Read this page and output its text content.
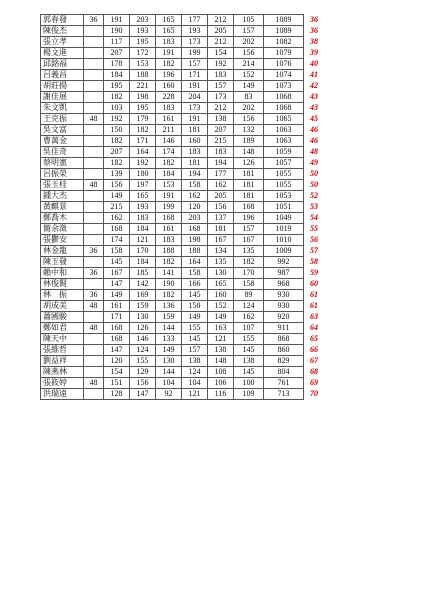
郭春發	36	191	203	165	177	212	105	1089	36
陳俊杰		190	193	165	193	205	157	1089	36
張立孝		117	195	183	173	212	202	1082	38
楊文進		207	172	191	199	154	156	1079	39
邱銘福		178	153	182	157	192	214	1076	40
呂義昌		184	188	196	171	183	152	1074	41
胡莊揚		195	221	160	191	157	149	1073	42
謝佳展		182	198	228	204	173	83	1068	43
朱文凱		103	195	183	173	212	202	1068	43
王克振	48	192	179	161	191	138	156	1065	45
吳文富		150	182	211	181	207	132	1063	46
曹萬金		182	171	146	160	215	189	1063	46
吳佳奇		207	164	174	183	183	148	1059	48
蔡明憲		182	192	182	181	194	126	1057	49
呂振榮		139	180	184	194	177	181	1055	50
張玉桂	48	156	197	153	158	162	181	1055	50
鍾大杰		149	165	191	162	205	181	1053	52
黃麒景		215	193	199	120	156	168	1051	53
鄭喬木		162	183	168	203	137	196	1049	54
簡余澂		168	184	161	168	181	157	1019	55
張鬱安		174	121	183	198	167	167	1010	56
林金龍	36	158	170	188	188	134	135	1009	57
陳玉發		145	184	182	164	135	182	992	58
賴中和	36	167	185	141	158	130	170	987	59
林俊賢		147	142	190	166	165	158	968	60
林　振	36	149	169	182	145	160	89	930	61
胡成美	48	161	159	136	150	152	124	930	61
蕭國駿		171	130	159	149	149	162	920	63
鄭如君	48	168	126	144	155	163	107	911	64
陳天中		168	146	133	145	121	155	868	65
張維哲		147	124	149	157	138	145	860	66
劉益祥		120	155	130	138	148	138	829	67
陳燕林		154	129	144	124	108	145	804	68
張筱婷	48	151	156	104	104	106	100	761	69
洪瑞遠		128	147	92	121	116	109	713	70
